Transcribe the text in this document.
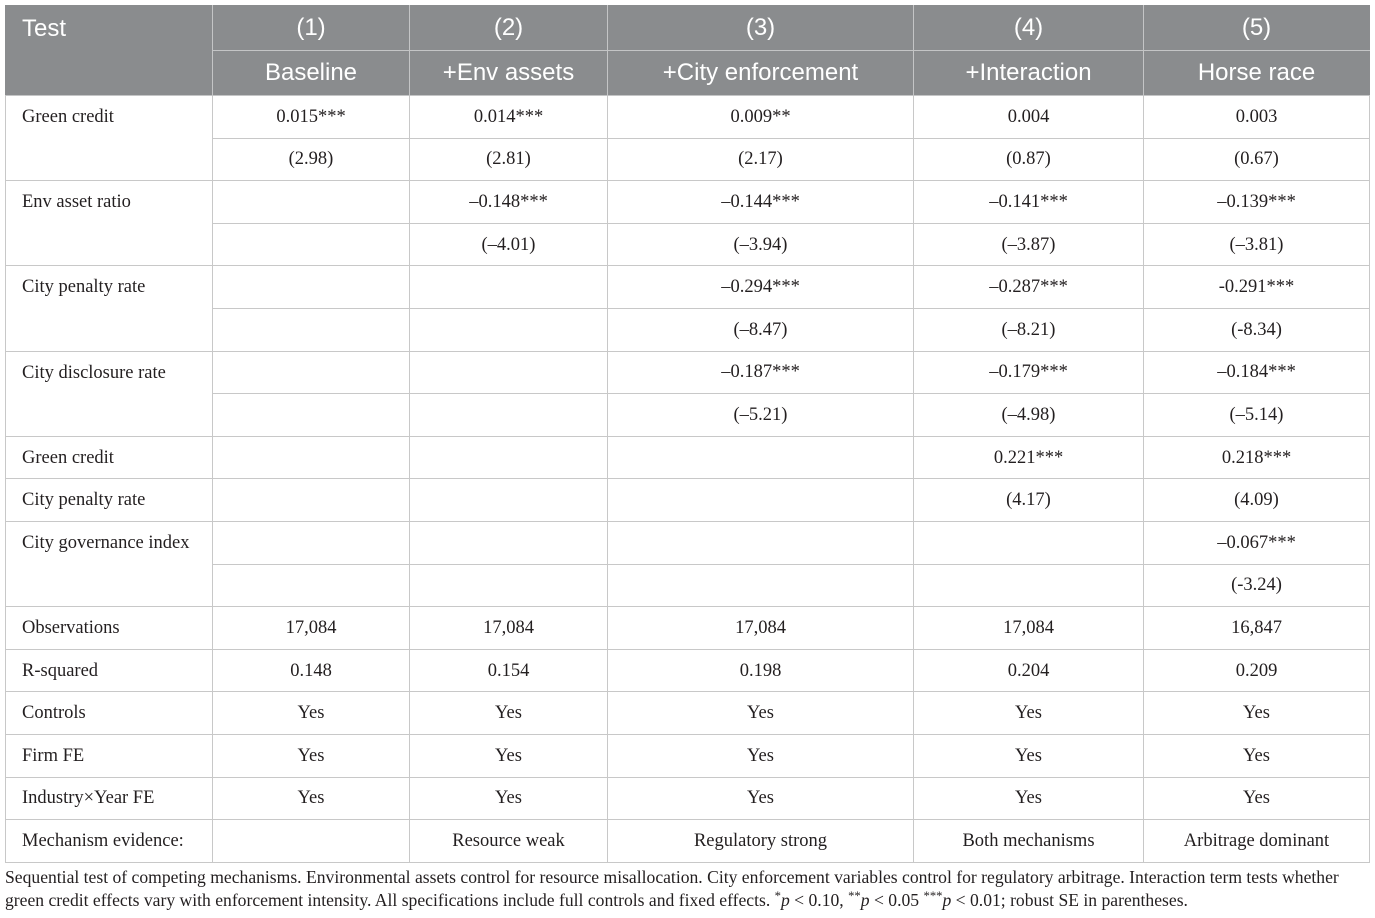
Test	(1)	(2)	(3)	(4)	(5)
	Baseline	+Env assets	+City enforcement	+Interaction	Horse race
Green credit	0.015***	0.014***	0.009**	0.004	0.003
	(2.98)	(2.81)	(2.17)	(0.87)	(0.67)
Env asset ratio		–0.148***	–0.144***	–0.141***	–0.139***
		(–4.01)	(–3.94)	(–3.87)	(–3.81)
City penalty rate			–0.294***	–0.287***	-0.291***
			(–8.47)	(–8.21)	(-8.34)
City disclosure rate			–0.187***	–0.179***	–0.184***
			(–5.21)	(–4.98)	(–5.14)
Green credit				0.221***	0.218***
City penalty rate				(4.17)	(4.09)
City governance index					–0.067***
					(-3.24)
Observations	17,084	17,084	17,084	17,084	16,847
R-squared	0.148	0.154	0.198	0.204	0.209
Controls	Yes	Yes	Yes	Yes	Yes
Firm FE	Yes	Yes	Yes	Yes	Yes
Industry×Year FE	Yes	Yes	Yes	Yes	Yes
Mechanism evidence:		Resource weak	Regulatory strong	Both mechanisms	Arbitrage dominant

Sequential test of competing mechanisms. Environmental assets control for resource misallocation. City enforcement variables control for regulatory arbitrage. Interaction term tests whether green credit effects vary with enforcement intensity. All specifications include full controls and fixed effects. *p < 0.10, **p < 0.05 ***p < 0.01; robust SE in parentheses.
